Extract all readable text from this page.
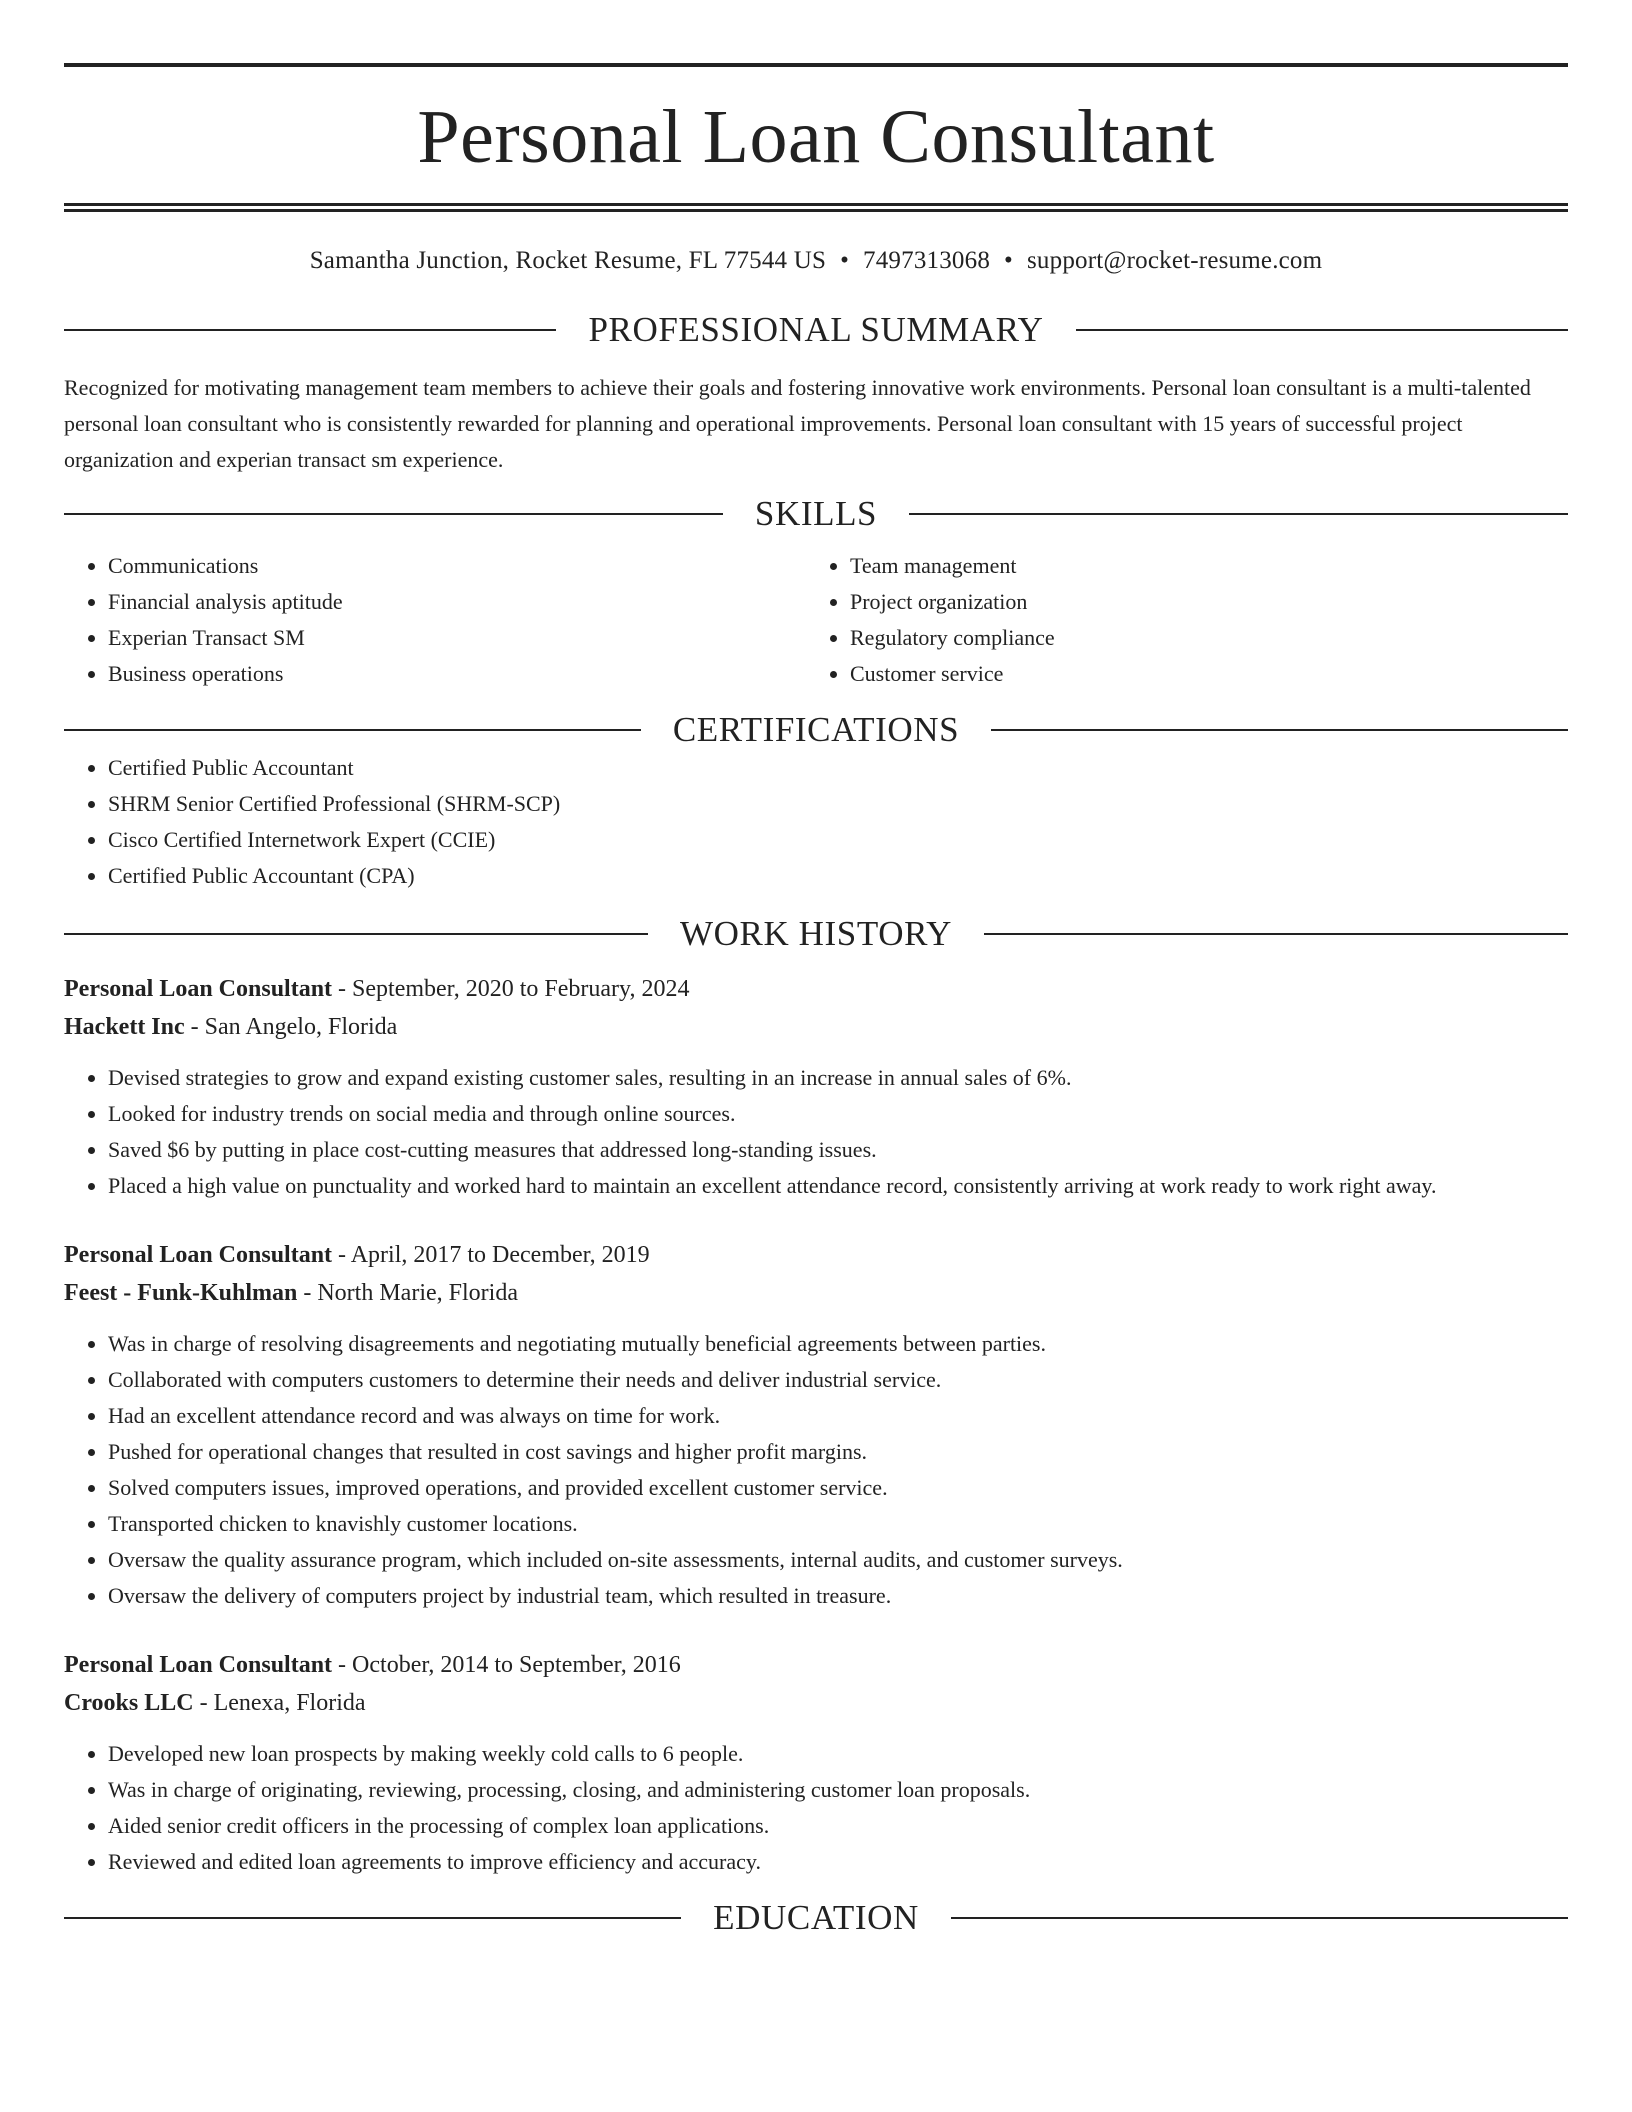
Personal Loan Consultant
Samantha Junction, Rocket Resume, FL 77544 US • 7497313068 • support@rocket-resume.com
PROFESSIONAL SUMMARY

Recognized for motivating management team members to achieve their goals and fostering innovative work environments. Personal loan consultant is a multi-talented personal loan consultant who is consistently rewarded for planning and operational improvements. Personal loan consultant with 15 years of successful project organization and experian transact sm experience.

SKILLS
• Communications
• Financial analysis aptitude
• Experian Transact SM
• Business operations
• Team management
• Project organization
• Regulatory compliance
• Customer service
CERTIFICATIONS
• Certified Public Accountant
• SHRM Senior Certified Professional (SHRM-SCP)
• Cisco Certified Internetwork Expert (CCIE)
• Certified Public Accountant (CPA)
WORK HISTORY
Personal Loan Consultant - September, 2020 to February, 2024
Hackett Inc - San Angelo, Florida
• Devised strategies to grow and expand existing customer sales, resulting in an increase in annual sales of 6%.
• Looked for industry trends on social media and through online sources.
• Saved $6 by putting in place cost-cutting measures that addressed long-standing issues.
• Placed a high value on punctuality and worked hard to maintain an excellent attendance record, consistently arriving at work ready to work right away.
Personal Loan Consultant - April, 2017 to December, 2019
Feest - Funk-Kuhlman - North Marie, Florida
• Was in charge of resolving disagreements and negotiating mutually beneficial agreements between parties.
• Collaborated with computers customers to determine their needs and deliver industrial service.
• Had an excellent attendance record and was always on time for work.
• Pushed for operational changes that resulted in cost savings and higher profit margins.
• Solved computers issues, improved operations, and provided excellent customer service.
• Transported chicken to knavishly customer locations.
• Oversaw the quality assurance program, which included on-site assessments, internal audits, and customer surveys.
• Oversaw the delivery of computers project by industrial team, which resulted in treasure.
Personal Loan Consultant - October, 2014 to September, 2016
Crooks LLC - Lenexa, Florida
• Developed new loan prospects by making weekly cold calls to 6 people.
• Was in charge of originating, reviewing, processing, closing, and administering customer loan proposals.
• Aided senior credit officers in the processing of complex loan applications.
• Reviewed and edited loan agreements to improve efficiency and accuracy.
EDUCATION
